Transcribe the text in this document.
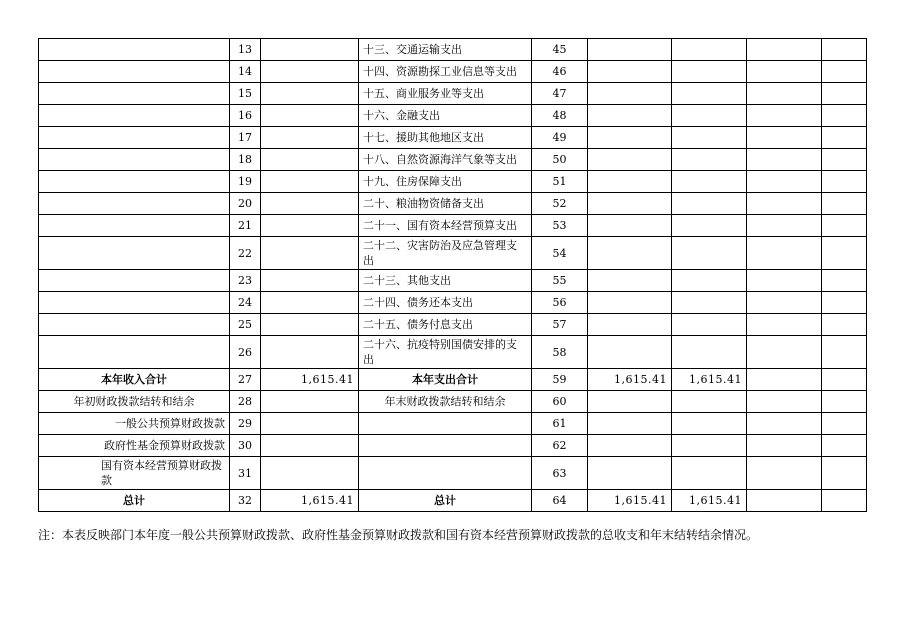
	13		十三、交通运输支出	45				
	14		十四、资源勘探工业信息等支出	46				
	15		十五、商业服务业等支出	47				
	16		十六、金融支出	48				
	17		十七、援助其他地区支出	49				
	18		十八、自然资源海洋气象等支出	50				
	19		十九、住房保障支出	51				
	20		二十、粮油物资储备支出	52				
	21		二十一、国有资本经营预算支出	53				
	22		二十二、灾害防治及应急管理支出	54				
	23		二十三、其他支出	55				
	24		二十四、债务还本支出	56				
	25		二十五、债务付息支出	57				
	26		二十六、抗疫特别国债安排的支出	58				
本年收入合计	27	1,615.41	本年支出合计	59	1,615.41	1,615.41		
年初财政拨款结转和结余	28		年末财政拨款结转和结余	60				
一般公共预算财政拨款	29			61				
政府性基金预算财政拨款	30			62				
国有资本经营预算财政拨款	31			63				
总计	32	1,615.41	总计	64	1,615.41	1,615.41		
注：本表反映部门本年度一般公共预算财政拨款、政府性基金预算财政拨款和国有资本经营预算财政拨款的总收支和年末结转结余情况。
